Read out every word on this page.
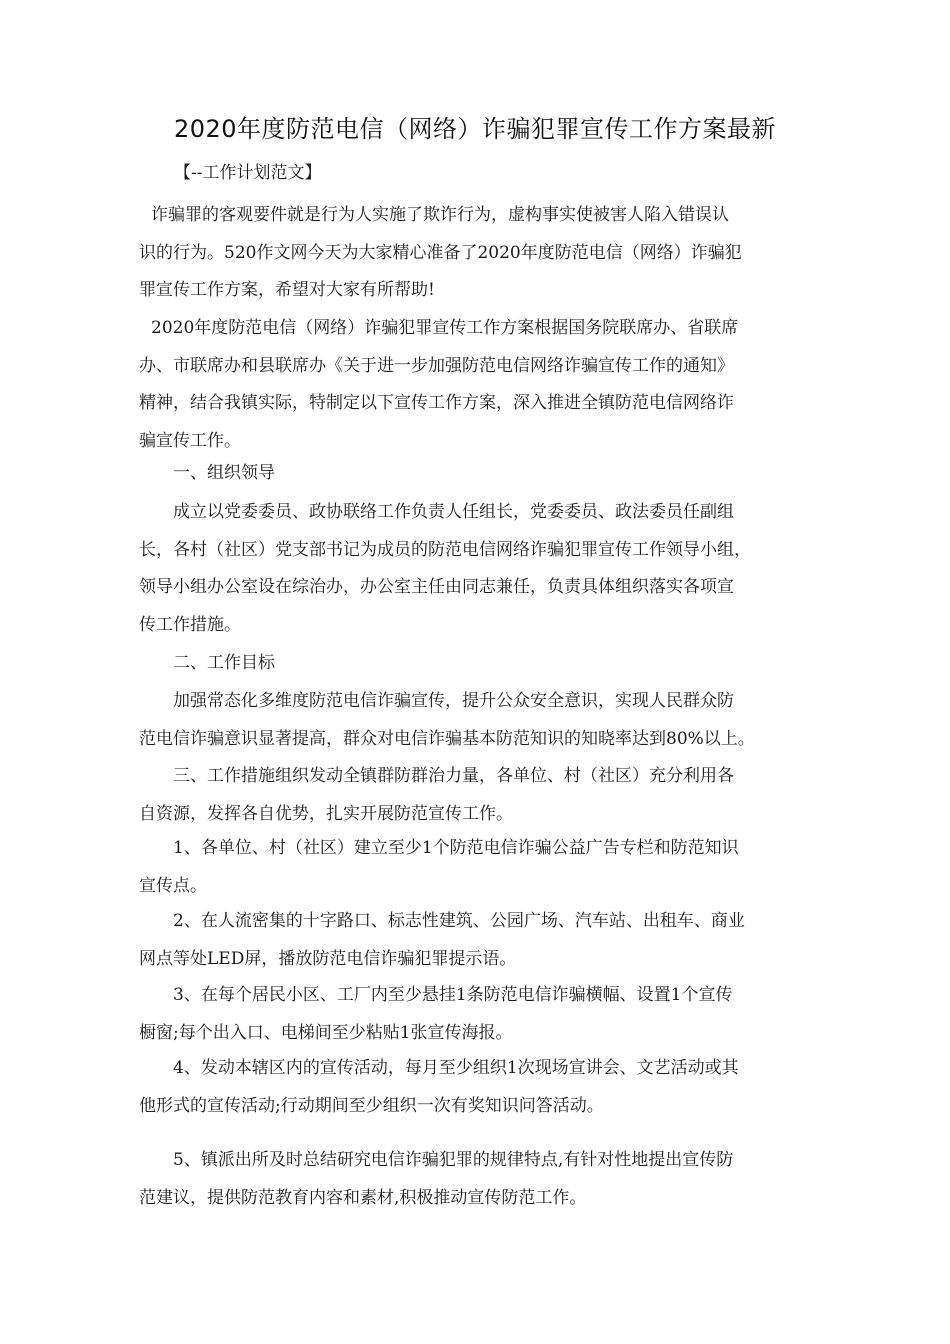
2020年度防范电信（网络）诈骗犯罪宣传工作方案最新
【--工作计划范文】
诈骗罪的客观要件就是行为人实施了欺诈行为，虚构事实使被害人陷入错误认
识的行为。520作文网今天为大家精心准备了2020年度防范电信（网络）诈骗犯
罪宣传工作方案，希望对大家有所帮助!
2020年度防范电信（网络）诈骗犯罪宣传工作方案根据国务院联席办、省联席
办、市联席办和县联席办《关于进一步加强防范电信网络诈骗宣传工作的通知》
精神，结合我镇实际，特制定以下宣传工作方案，深入推进全镇防范电信网络诈
骗宣传工作。
一、组织领导
成立以党委委员、政协联络工作负责人任组长，党委委员、政法委员任副组
长，各村（社区）党支部书记为成员的防范电信网络诈骗犯罪宣传工作领导小组，
领导小组办公室设在综治办，办公室主任由同志兼任，负责具体组织落实各项宣
传工作措施。
二、工作目标
加强常态化多维度防范电信诈骗宣传，提升公众安全意识，实现人民群众防
范电信诈骗意识显著提高，群众对电信诈骗基本防范知识的知晓率达到80%以上。
三、工作措施组织发动全镇群防群治力量，各单位、村（社区）充分利用各
自资源，发挥各自优势，扎实开展防范宣传工作。
1、各单位、村（社区）建立至少1个防范电信诈骗公益广告专栏和防范知识
宣传点。
2、在人流密集的十字路口、标志性建筑、公园广场、汽车站、出租车、商业
网点等处LED屏，播放防范电信诈骗犯罪提示语。
3、在每个居民小区、工厂内至少悬挂1条防范电信诈骗横幅、设置1个宣传
橱窗;每个出入口、电梯间至少粘贴1张宣传海报。
4、发动本辖区内的宣传活动，每月至少组织1次现场宣讲会、文艺活动或其
他形式的宣传活动;行动期间至少组织一次有奖知识问答活动。
5、镇派出所及时总结研究电信诈骗犯罪的规律特点,有针对性地提出宣传防
范建议，提供防范教育内容和素材,积极推动宣传防范工作。
